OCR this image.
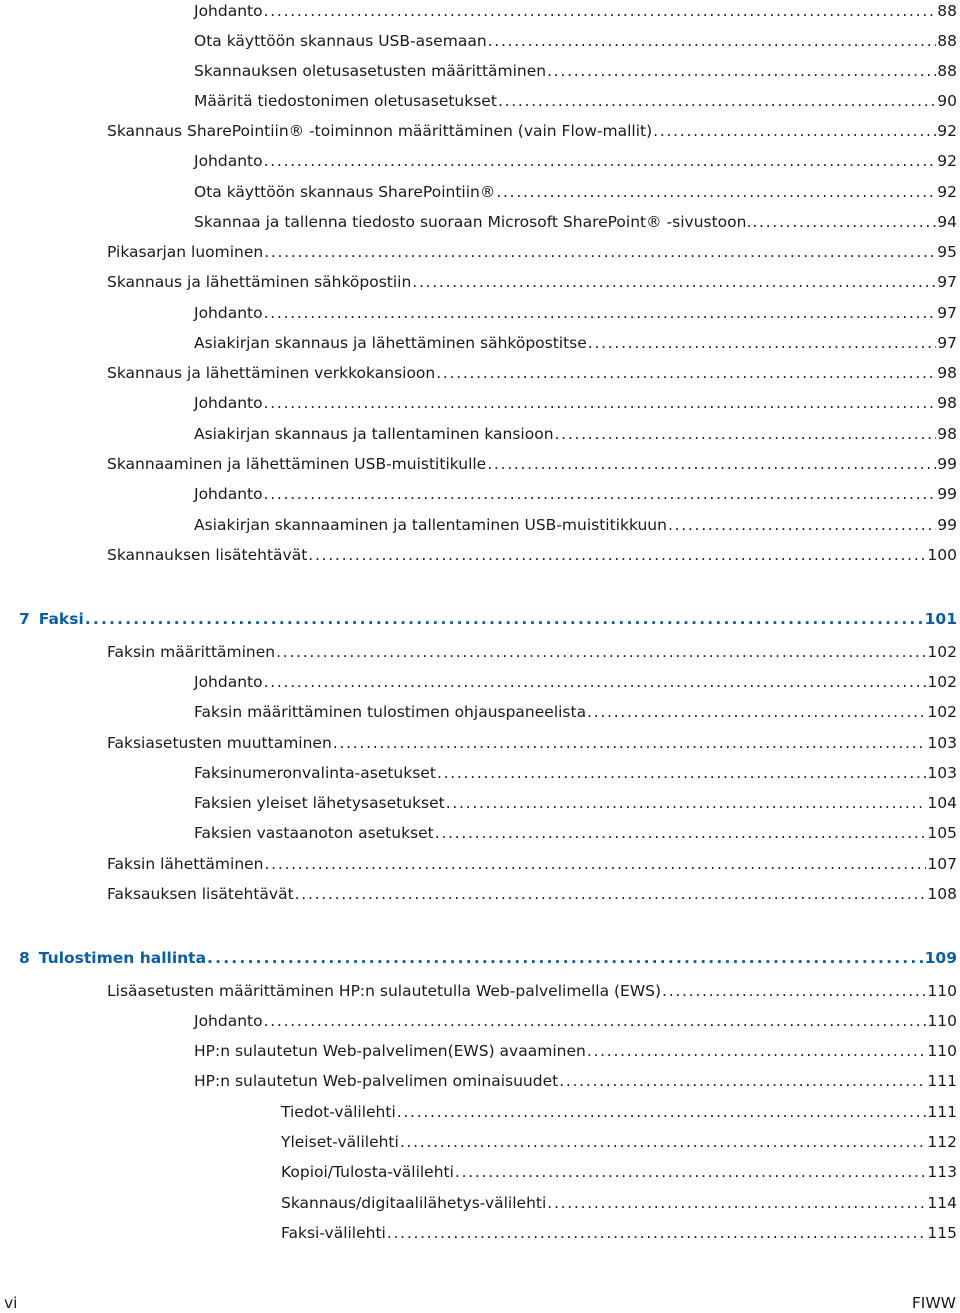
Johdanto . . .	88
Ota käyttöön skannaus USB-asemaan . . .	88
Skannauksen oletusasetusten määrittäminen . . .	88
Määritä tiedostonimen oletusasetukset . . .	90
Skannaus SharePointiin® -toiminnon määrittäminen (vain Flow-mallit) . . .	92
Johdanto . . .	92
Ota käyttöön skannaus SharePointiin® . . .	92
Skannaa ja tallenna tiedosto suoraan Microsoft SharePoint® -sivustoon. . . .	94
Pikasarjan luominen . . .	95
Skannaus ja lähettäminen sähköpostiin . . .	97
Johdanto . . .	97
Asiakirjan skannaus ja lähettäminen sähköpostitse . . .	97
Skannaus ja lähettäminen verkkokansioon . . .	98
Johdanto . . .	98
Asiakirjan skannaus ja tallentaminen kansioon . . .	98
Skannaaminen ja lähettäminen USB-muistitikulle . . .	99
Johdanto . . .	99
Asiakirjan skannaaminen ja tallentaminen USB-muistitikkuun . . .	99
Skannauksen lisätehtävät . . .	100
7 Faksi . . .	101
Faksin määrittäminen . . .	102
Johdanto . . .	102
Faksin määrittäminen tulostimen ohjauspaneelista . . .	102
Faksiasetusten muuttaminen . . .	103
Faksinumeronvalinta-asetukset . . .	103
Faksien yleiset lähetysasetukset . . .	104
Faksien vastaanoton asetukset . . .	105
Faksin lähettäminen . . .	107
Faksauksen lisätehtävät . . .	108
8 Tulostimen hallinta . . .	109
Lisäasetusten määrittäminen HP:n sulautetulla Web-palvelimella (EWS) . . .	110
Johdanto . . .	110
HP:n sulautetun Web-palvelimen(EWS) avaaminen . . .	110
HP:n sulautetun Web-palvelimen ominaisuudet . . .	111
Tiedot-välilehti . . .	111
Yleiset-välilehti . . .	112
Kopioi/Tulosta-välilehti . . .	113
Skannaus/digitaalilähetys-välilehti . . .	114
Faksi-välilehti . . .	115
vi	FIWW
